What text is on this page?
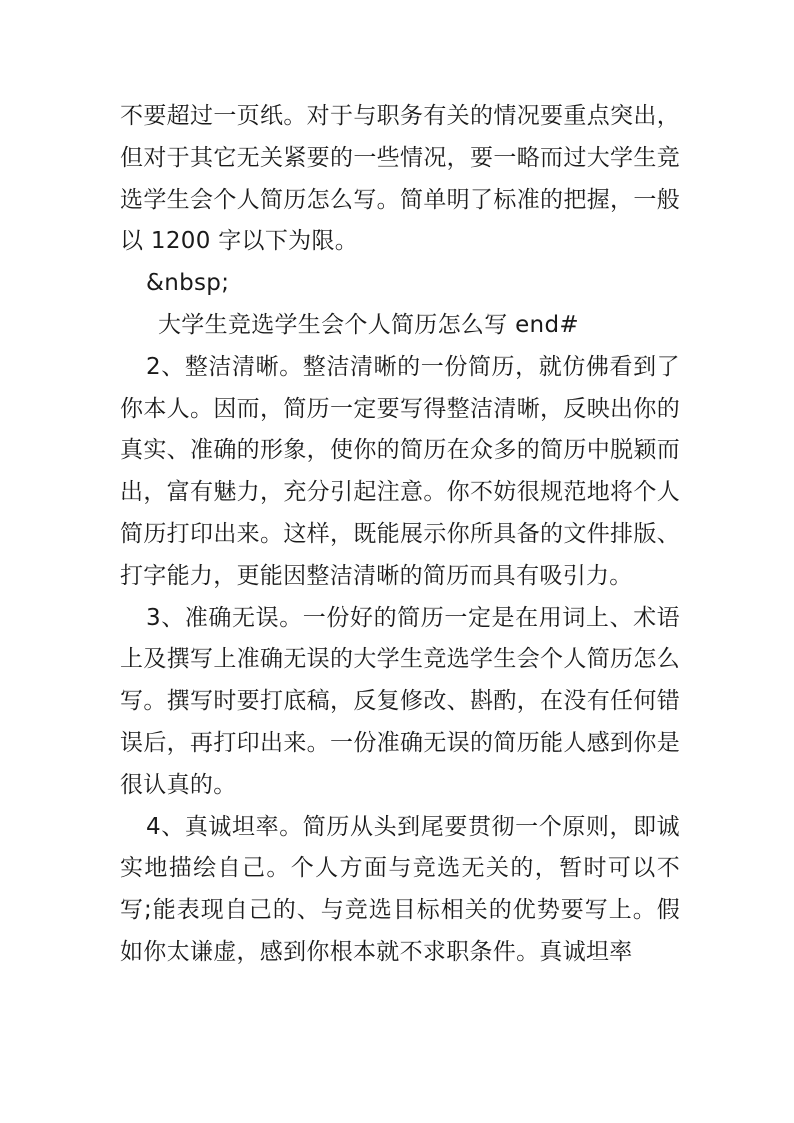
不要超过一页纸。对于与职务有关的情况要重点突出，但对于其它无关紧要的一些情况，要一略而过大学生竞选学生会个人简历怎么写。简单明了标准的把握，一般以 1200 字以下为限。

&nbsp;

大学生竞选学生会个人简历怎么写 end#

2、整洁清晰。整洁清晰的一份简历，就仿佛看到了你本人。因而，简历一定要写得整洁清晰，反映出你的真实、准确的形象，使你的简历在众多的简历中脱颖而出，富有魅力，充分引起注意。你不妨很规范地将个人简历打印出来。这样，既能展示你所具备的文件排版、打字能力，更能因整洁清晰的简历而具有吸引力。

3、准确无误。一份好的简历一定是在用词上、术语上及撰写上准确无误的大学生竞选学生会个人简历怎么写。撰写时要打底稿，反复修改、斟酌，在没有任何错误后，再打印出来。一份准确无误的简历能人感到你是很认真的。

4、真诚坦率。简历从头到尾要贯彻一个原则，即诚实地描绘自己。个人方面与竞选无关的，暂时可以不写;能表现自己的、与竞选目标相关的优势要写上。假如你太谦虚，感到你根本就不求职条件。真诚坦率
